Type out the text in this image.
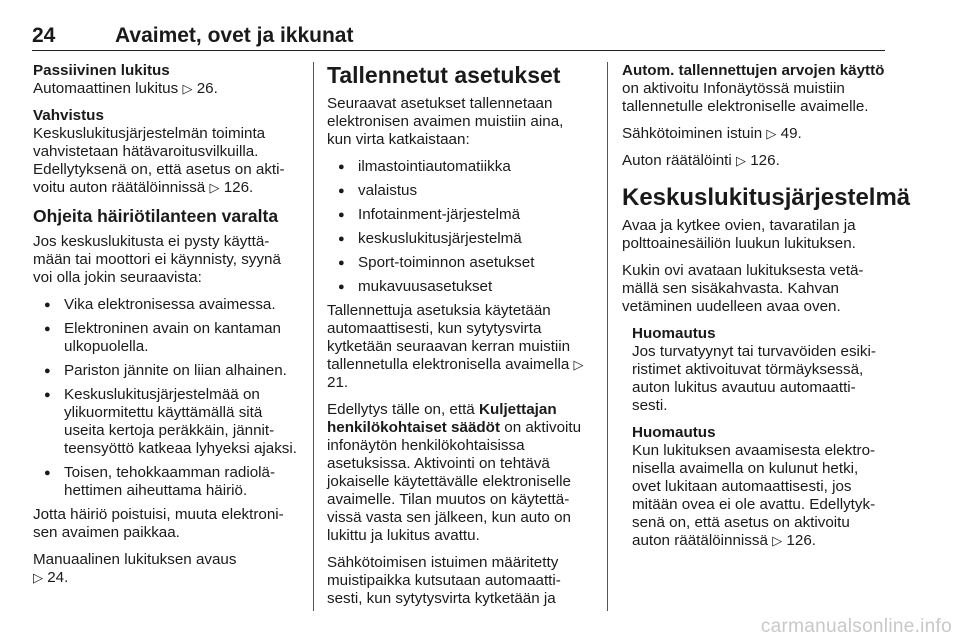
24	Avaimet, ovet ja ikkunat

Passiivinen lukitus
Automaattinen lukitus ▷ 26.

Vahvistus
Keskuslukitusjärjestelmän toiminta vahvistetaan hätävaroitusvilkuilla. Edellytyksenä on, että asetus on akti-voitu auton räätälöinnissä ▷ 126.

Ohjeita häiriötilanteen varalta

Jos keskuslukitusta ei pysty käyttä-mään tai moottori ei käynnisty, syynä voi olla jokin seuraavista:

● Vika elektronisessa avaimessa.
● Elektroninen avain on kantaman ulkopuolella.
● Pariston jännite on liian alhainen.
● Keskuslukitusjärjestelmää on ylikuormitettu käyttämällä sitä useita kertoja peräkkäin, jännit-teensyöttö katkeaa lyhyeksi ajaksi.
● Toisen, tehokkaamman radiolä-hettimen aiheuttama häiriö.

Jotta häiriö poistuisi, muuta elektroni-sen avaimen paikkaa.

Manuaalinen lukituksen avaus
▷ 24.

Tallennetut asetukset

Seuraavat asetukset tallennetaan elektronisen avaimen muistiin aina, kun virta katkaistaan:

● ilmastointiautomatiikka
● valaistus
● Infotainment-järjestelmä
● keskuslukitusjärjestelmä
● Sport-toiminnon asetukset
● mukavuusasetukset

Tallennettuja asetuksia käytetään automaattisesti, kun sytytysvirta kytketään seuraavan kerran muistiin tallennetulla elektronisella avaimella ▷ 21.

Edellytys tälle on, että Kuljettajan henkilökohtaiset säädöt on aktivoitu infonäytön henkilökohtaisissa asetuksissa. Aktivointi on tehtävä jokaiselle käytettävälle elektroniselle avaimelle. Tilan muutos on käytettä-vissä vasta sen jälkeen, kun auto on lukittu ja lukitus avattu.

Sähkötoimisen istuimen määritetty muistipaikka kutsutaan automaatti-sesti, kun sytytysvirta kytketään ja

Autom. tallennettujen arvojen käyttö
on aktivoitu Infonäytössä muistiin tallennetulle elektroniselle avaimelle.

Sähkötoiminen istuin ▷ 49.

Auton räätälöinti ▷ 126.

Keskuslukitusjärjestelmä

Avaa ja kytkee ovien, tavaratilan ja polttoainesäiliön luukun lukituksen.

Kukin ovi avataan lukituksesta vetä-mällä sen sisäkahvasta. Kahvan vetäminen uudelleen avaa oven.

Huomautus
Jos turvatyynyt tai turvavöiden esiki-ristimet aktivoituvat törmäyksessä, auton lukitus avautuu automaatti-sesti.

Huomautus
Kun lukituksen avaamisesta elektro-nisella avaimella on kulunut hetki, ovet lukitaan automaattisesti, jos mitään ovea ei ole avattu. Edellytyk-senä on, että asetus on aktivoitu auton räätälöinnissä ▷ 126.

carmanualsonline.info
